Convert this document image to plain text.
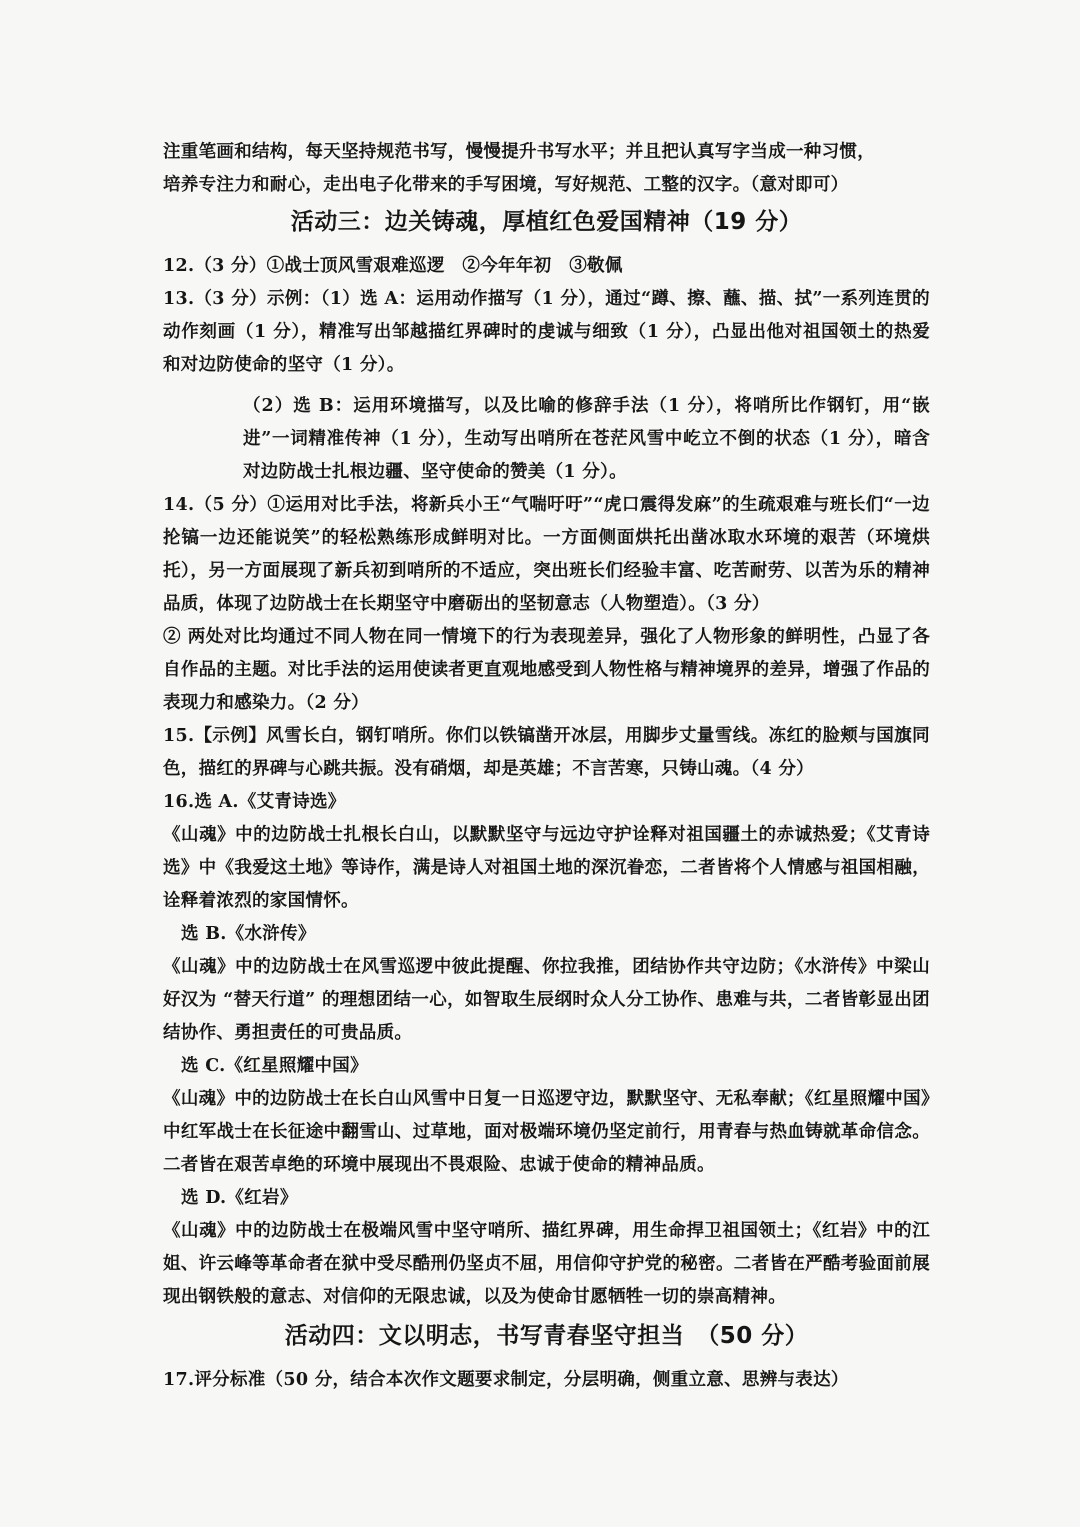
注重笔画和结构，每天坚持规范书写，慢慢提升书写水平；并且把认真写字当成一种习惯，

培养专注力和耐心，走出电子化带来的手写困境，写好规范、工整的汉字。（意对即可）

活动三：边关铸魂，厚植红色爱国精神（19 分）

12.（3 分）①战士顶风雪艰难巡逻　②今年年初　③敬佩

13.（3 分）示例：（1）选 A：运用动作描写（1 分），通过“蹲、擦、蘸、描、拭”一系列连贯的动作刻画（1 分），精准写出邹越描红界碑时的虔诚与细致（1 分），凸显出他对祖国领土的热爱和对边防使命的坚守（1 分）。

（2）选 B：运用环境描写，以及比喻的修辞手法（1 分），将哨所比作钢钉，用“嵌进”一词精准传神（1 分），生动写出哨所在苍茫风雪中屹立不倒的状态（1 分），暗含对边防战士扎根边疆、坚守使命的赞美（1 分）。

14.（5 分）①运用对比手法，将新兵小王“气喘吁吁”“虎口震得发麻”的生疏艰难与班长们“一边抡镐一边还能说笑”的轻松熟练形成鲜明对比。一方面侧面烘托出凿冰取水环境的艰苦（环境烘托），另一方面展现了新兵初到哨所的不适应，突出班长们经验丰富、吃苦耐劳、以苦为乐的精神品质，体现了边防战士在长期坚守中磨砺出的坚韧意志（人物塑造）。（3 分）

② 两处对比均通过不同人物在同一情境下的行为表现差异，强化了人物形象的鲜明性，凸显了各自作品的主题。对比手法的运用使读者更直观地感受到人物性格与精神境界的差异，增强了作品的表现力和感染力。（2 分）

15.【示例】风雪长白，钢钉哨所。你们以铁镐凿开冰层，用脚步丈量雪线。冻红的脸颊与国旗同色，描红的界碑与心跳共振。没有硝烟，却是英雄；不言苦寒，只铸山魂。（4 分）

16.选 A.《艾青诗选》

《山魂》中的边防战士扎根长白山，以默默坚守与远边守护诠释对祖国疆土的赤诚热爱；《艾青诗选》中《我爱这土地》等诗作，满是诗人对祖国土地的深沉眷恋，二者皆将个人情感与祖国相融，诠释着浓烈的家国情怀。

选 B.《水浒传》

《山魂》中的边防战士在风雪巡逻中彼此提醒、你拉我推，团结协作共守边防；《水浒传》中梁山好汉为 “替天行道” 的理想团结一心，如智取生辰纲时众人分工协作、患难与共，二者皆彰显出团结协作、勇担责任的可贵品质。

选 C.《红星照耀中国》

《山魂》中的边防战士在长白山风雪中日复一日巡逻守边，默默坚守、无私奉献；《红星照耀中国》中红军战士在长征途中翻雪山、过草地，面对极端环境仍坚定前行，用青春与热血铸就革命信念。二者皆在艰苦卓绝的环境中展现出不畏艰险、忠诚于使命的精神品质。

选 D.《红岩》

《山魂》中的边防战士在极端风雪中坚守哨所、描红界碑，用生命捍卫祖国领土；《红岩》中的江姐、许云峰等革命者在狱中受尽酷刑仍坚贞不屈，用信仰守护党的秘密。二者皆在严酷考验面前展现出钢铁般的意志、对信仰的无限忠诚，以及为使命甘愿牺牲一切的崇高精神。

活动四：文以明志，书写青春坚守担当　（50 分）

17.评分标准（50 分，结合本次作文题要求制定，分层明确，侧重立意、思辨与表达）
